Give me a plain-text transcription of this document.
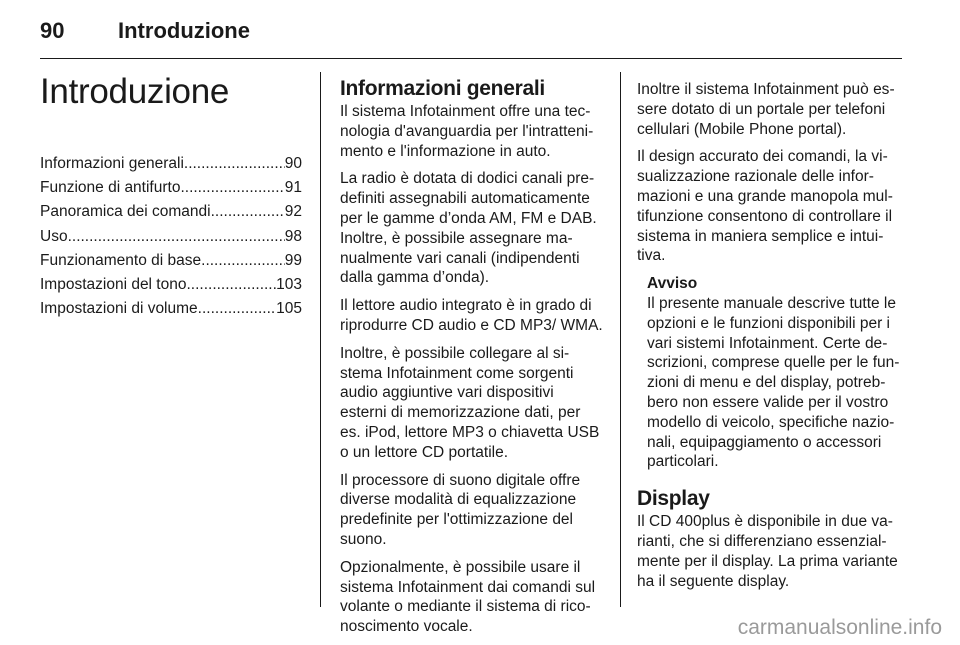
90 Introduzione
Introduzione
Informazioni generali .....	90
Funzione di antifurto .....	91
Panoramica dei comandi .....	92
Uso .....	98
Funzionamento di base .....	99
Impostazioni del tono .....	103
Impostazioni di volume .....	105
Informazioni generali

Il sistema Infotainment offre una tecnologia d'avanguardia per l'intrattenimento e l'informazione in auto.

La radio è dotata di dodici canali predefiniti assegnabili automaticamente per le gamme d’onda AM, FM e DAB. Inoltre, è possibile assegnare manualmente vari canali (indipendenti dalla gamma d’onda).

Il lettore audio integrato è in grado di riprodurre CD audio e CD MP3/ WMA.

Inoltre, è possibile collegare al sistema Infotainment come sorgenti audio aggiuntive vari dispositivi esterni di memorizzazione dati, per es. iPod, lettore MP3 o chiavetta USB o un lettore CD portatile.

Il processore di suono digitale offre diverse modalità di equalizzazione predefinite per l'ottimizzazione del suono.

Opzionalmente, è possibile usare il sistema Infotainment dai comandi sul volante o mediante il sistema di riconoscimento vocale.

Inoltre il sistema Infotainment può essere dotato di un portale per telefoni cellulari (Mobile Phone portal).

Il design accurato dei comandi, la visualizzazione razionale delle informazioni e una grande manopola multifunzione consentono di controllare il sistema in maniera semplice e intuitiva.

Avviso

Il presente manuale descrive tutte le opzioni e le funzioni disponibili per i vari sistemi Infotainment. Certe descrizioni, comprese quelle per le funzioni di menu e del display, potrebbero non essere valide per il vostro modello di veicolo, specifiche nazionali, equipaggiamento o accessori particolari.

Display

Il CD 400plus è disponibile in due varianti, che si differenziano essenzialmente per il display. La prima variante ha il seguente display.

carmanualsonline.info
